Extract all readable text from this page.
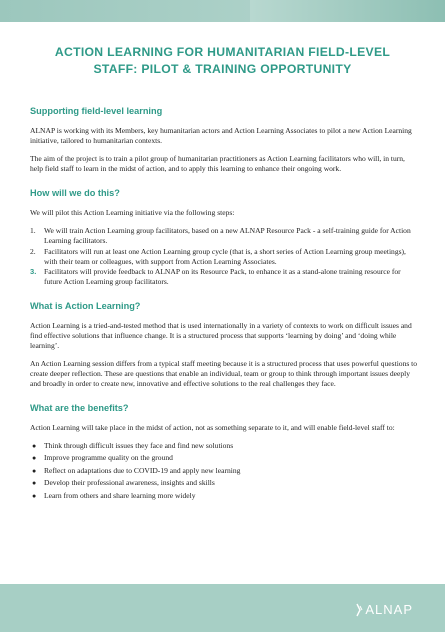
ACTION LEARNING FOR HUMANITARIAN FIELD-LEVEL
STAFF: PILOT & TRAINING OPPORTUNITY
Supporting field-level learning

ALNAP is working with its Members, key humanitarian actors and Action Learning Associates to pilot a new Action Learning initiative, tailored to humanitarian contexts.

The aim of the project is to train a pilot group of humanitarian practitioners as Action Learning facilitators who will, in turn, help field staff to learn in the midst of action, and to apply this learning to enhance their ongoing work.

How will we do this?

We will pilot this Action Learning initiative via the following steps:

1. We will train Action Learning group facilitators, based on a new ALNAP Resource Pack - a self-training guide for Action Learning facilitators.
2. Facilitators will run at least one Action Learning group cycle (that is, a short series of Action Learning group meetings), with their team or colleagues, with support from Action Learning Associates.
3. Facilitators will provide feedback to ALNAP on its Resource Pack, to enhance it as a stand-alone training resource for future Action Learning group facilitators.
What is Action Learning?

Action Learning is a tried-and-tested method that is used internationally in a variety of contexts to work on difficult issues and find effective solutions that influence change. It is a structured process that supports ‘learning by doing’ and ‘doing while learning’.

An Action Learning session differs from a typical staff meeting because it is a structured process that uses powerful questions to create deeper reflection. These are questions that enable an individual, team or group to think through important issues deeply and broadly in order to create new, innovative and effective solutions to the real challenges they face.

What are the benefits?

Action Learning will take place in the midst of action, not as something separate to it, and will enable field-level staff to:

● Think through difficult issues they face and find new solutions
● Improve programme quality on the ground
● Reflect on adaptations due to COVID-19 and apply new learning
● Develop their professional awareness, insights and skills
● Learn from others and share learning more widely
ALNAP
